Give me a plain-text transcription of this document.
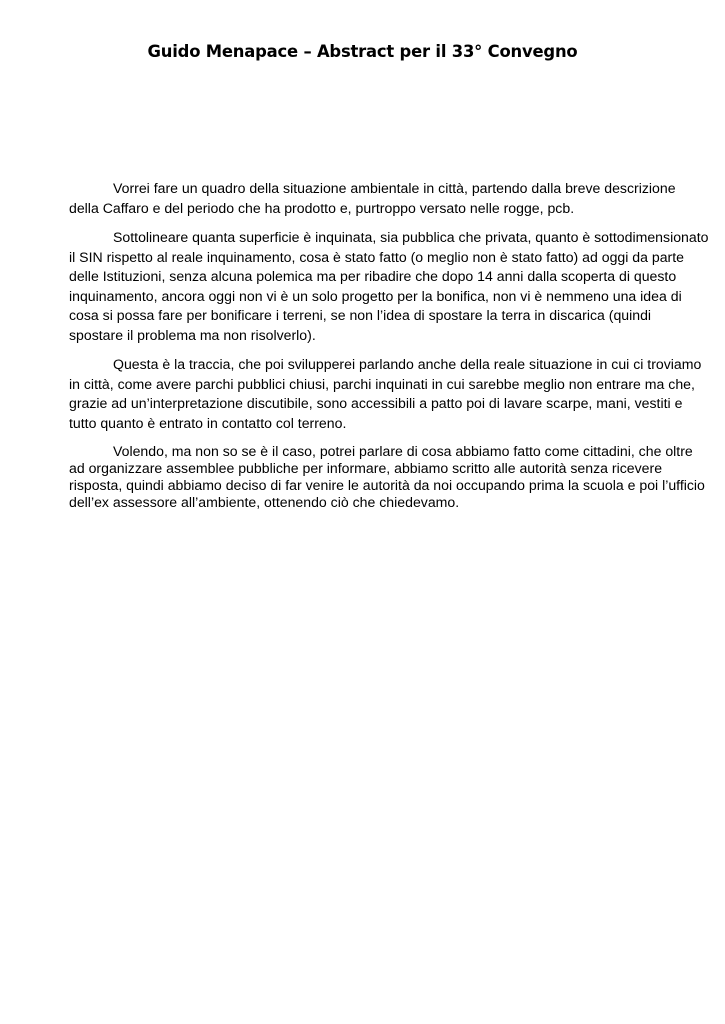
Guido Menapace – Abstract per il 33° Convegno

Vorrei fare un quadro della situazione ambientale in città, partendo dalla breve descrizione della Caffaro e del periodo che ha prodotto e, purtroppo versato nelle rogge, pcb.

Sottolineare quanta superficie è inquinata, sia pubblica che privata, quanto è sottodimensionato il SIN rispetto al reale inquinamento, cosa è stato fatto (o meglio non è stato fatto) ad oggi da parte delle Istituzioni, senza alcuna polemica ma per ribadire che dopo 14 anni dalla scoperta di questo inquinamento, ancora oggi non vi è un solo progetto per la bonifica, non vi è nemmeno una idea di cosa si possa fare per bonificare i terreni, se non l’idea di spostare la terra in discarica (quindi spostare il problema ma non risolverlo).

Questa è la traccia, che poi svilupperei parlando anche della reale situazione in cui ci troviamo in città, come avere parchi pubblici chiusi, parchi inquinati in cui sarebbe meglio non entrare ma che, grazie ad un’interpretazione discutibile, sono accessibili a patto poi di lavare scarpe, mani, vestiti e tutto quanto è entrato in contatto col terreno.

Volendo, ma non so se è il caso, potrei parlare di cosa abbiamo fatto come cittadini, che oltre ad organizzare assemblee pubbliche per informare, abbiamo scritto alle autorità senza ricevere risposta, quindi abbiamo deciso di far venire le autorità da noi occupando prima la scuola e poi l’ufficio dell’ex assessore all’ambiente, ottenendo ciò che chiedevamo.
